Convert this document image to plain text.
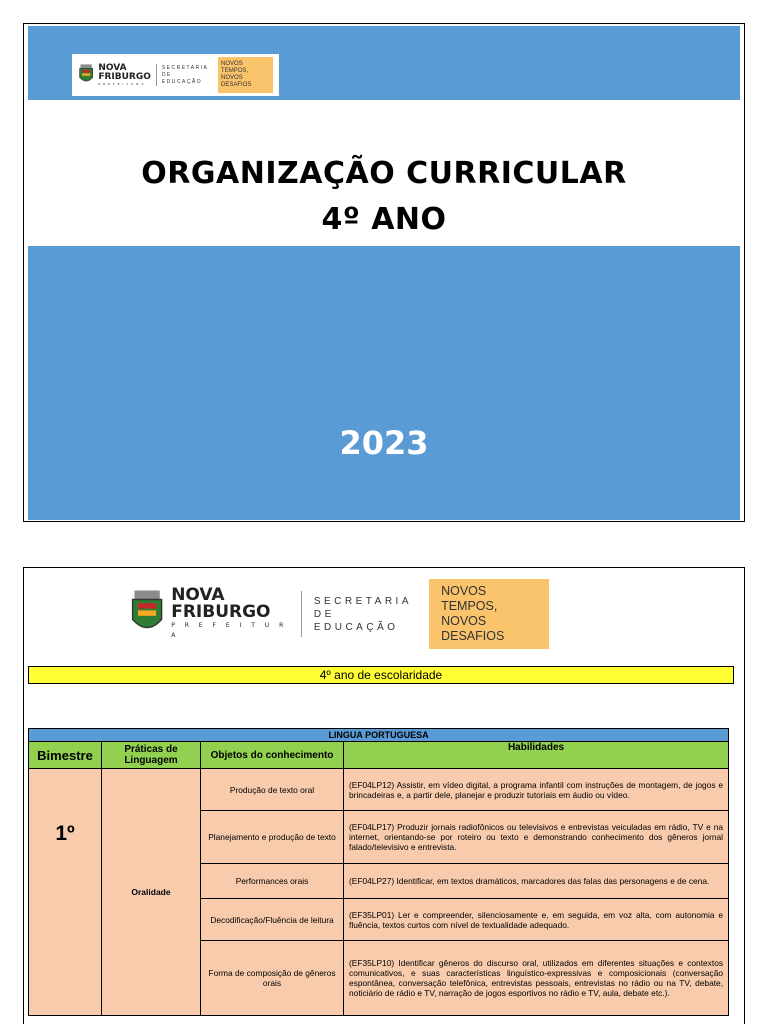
NOVA
FRIBURGO
P R E F E I T U R A
SECRETARIA
DE EDUCAÇÃO
NOVOS TEMPOS,
NOVOS DESAFIOS
ORGANIZAÇÃO CURRICULAR
4º ANO
2023
NOVA
FRIBURGO
P R E F E I T U R A
SECRETARIA
DE EDUCAÇÃO
NOVOS TEMPOS,
NOVOS DESAFIOS
4º ano de escolaridade
LINGUA PORTUGUESA			
Bimestre	Práticas de Linguagem	Objetos do conhecimento	Habilidades
1º	Oralidade	Produção de texto oral	(EF04LP12) Assistir, em vídeo digital, a programa infantil com instruções de montagem, de jogos e brincadeiras e, a partir dele, planejar e produzir tutoriais em áudio ou vídeo.
		Planejamento e produção de texto	(EF04LP17) Produzir jornais radiofônicos ou televisivos e entrevistas veiculadas em rádio, TV e na internet, orientando-se por roteiro ou texto e demonstrando conhecimento dos gêneros jornal falado/televisivo e entrevista.
		Performances orais	(EF04LP27) Identificar, em textos dramáticos, marcadores das falas das personagens e de cena.
		Decodificação/Fluência de leitura	(EF35LP01) Ler e compreender, silenciosamente e, em seguida, em voz alta, com autonomia e fluência, textos curtos com nível de textualidade adequado.
		Forma de composição de gêneros orais	(EF35LP10) Identificar gêneros do discurso oral, utilizados em diferentes situações e contextos comunicativos, e suas características linguístico-expressivas e composicionais (conversação espontânea, conversação telefônica, entrevistas pessoais, entrevistas no rádio ou na TV, debate, noticiário de rádio e TV, narração de jogos esportivos no rádio e TV, aula, debate etc.).
